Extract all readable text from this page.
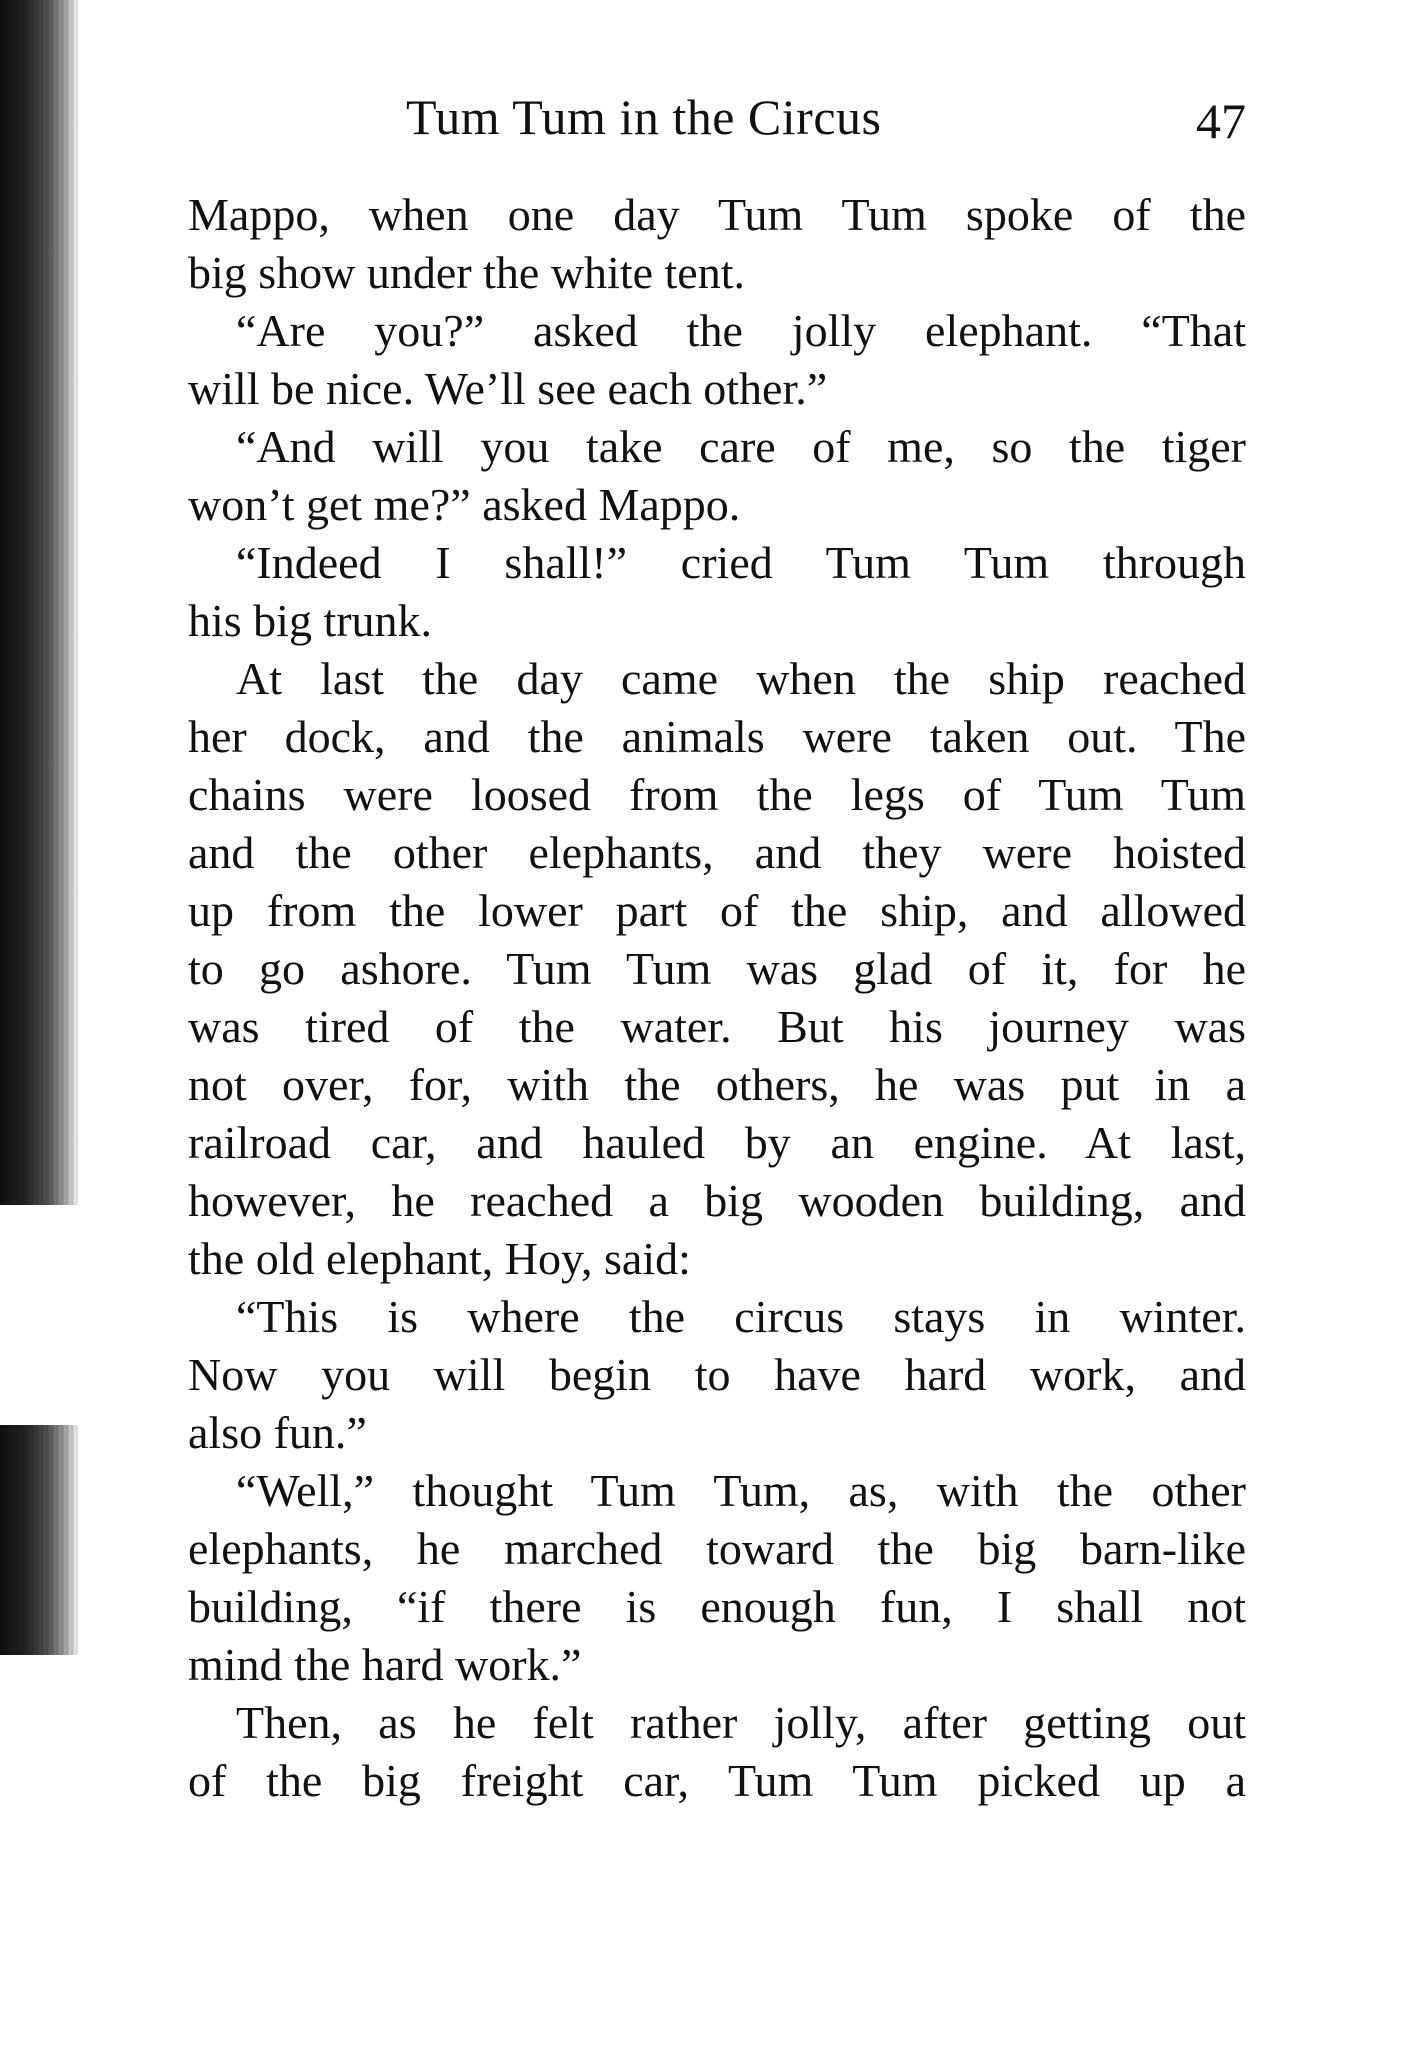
Tum Tum in the Circus	47
Mappo, when one day Tum Tum spoke of the
big show under the white tent.
“Are you?” asked the jolly elephant. “That
will be nice. We’ll see each other.”
“And will you take care of me, so the tiger
won’t get me?” asked Mappo.
“Indeed I shall!” cried Tum Tum through
his big trunk.
At last the day came when the ship reached
her dock, and the animals were taken out. The
chains were loosed from the legs of Tum Tum
and the other elephants, and they were hoisted
up from the lower part of the ship, and allowed
to go ashore. Tum Tum was glad of it, for he
was tired of the water. But his journey was
not over, for, with the others, he was put in a
railroad car, and hauled by an engine. At last,
however, he reached a big wooden building, and
the old elephant, Hoy, said:
“This is where the circus stays in winter.
Now you will begin to have hard work, and
also fun.”
“Well,” thought Tum Tum, as, with the other
elephants, he marched toward the big barn-like
building, “if there is enough fun, I shall not
mind the hard work.”
Then, as he felt rather jolly, after getting out
of the big freight car, Tum Tum picked up a
